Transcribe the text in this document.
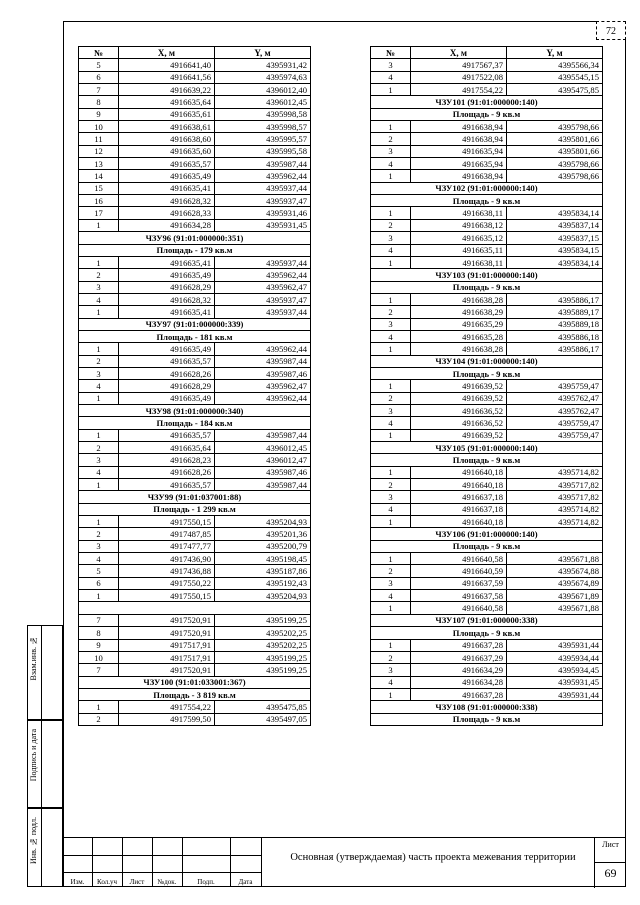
72
№	X, м	Y, м
5	4916641,40	4395931,42
6	4916641,56	4395974,63
7	4916639,22	4396012,40
8	4916635,64	4396012,45
9	4916635,61	4395998,58
10	4916638,61	4395998,57
11	4916638,60	4395995,57
12	4916635,60	4395995,58
13	4916635,57	4395987,44
14	4916635,49	4395962,44
15	4916635,41	4395937,44
16	4916628,32	4395937,47
17	4916628,33	4395931,46
1	4916634,28	4395931,45
ЧЗУ96 (91:01:000000:351)		
Площадь - 179 кв.м		
1	4916635,41	4395937,44
2	4916635,49	4395962,44
3	4916628,29	4395962,47
4	4916628,32	4395937,47
1	4916635,41	4395937,44
ЧЗУ97 (91:01:000000:339)		
Площадь - 181 кв.м		
1	4916635,49	4395962,44
2	4916635,57	4395987,44
3	4916628,26	4395987,46
4	4916628,29	4395962,47
1	4916635,49	4395962,44
ЧЗУ98 (91:01:000000:340)		
Площадь - 184 кв.м		
1	4916635,57	4395987,44
2	4916635,64	4396012,45
3	4916628,23	4396012,47
4	4916628,26	4395987,46
1	4916635,57	4395987,44
ЧЗУ99 (91:01:037001:88)		
Площадь - 1 299 кв.м		
1	4917550,15	4395204,93
2	4917487,85	4395201,36
3	4917477,77	4395200,79
4	4917436,90	4395198,45
5	4917436,88	4395187,86
6	4917550,22	4395192,43
1	4917550,15	4395204,93

7	4917520,91	4395199,25
8	4917520,91	4395202,25
9	4917517,91	4395202,25
10	4917517,91	4395199,25
7	4917520,91	4395199,25
ЧЗУ100 (91:01:033001:367)		
Площадь - 3 819 кв.м		
1	4917554,22	4395475,85
2	4917599,50	4395497,05
№	X, м	Y, м
3	4917567,37	4395566,34
4	4917522,08	4395545,15
1	4917554,22	4395475,85
ЧЗУ101 (91:01:000000:140)		
Площадь - 9 кв.м		
1	4916638,94	4395798,66
2	4916638,94	4395801,66
3	4916635,94	4395801,66
4	4916635,94	4395798,66
1	4916638,94	4395798,66
ЧЗУ102 (91:01:000000:140)		
Площадь - 9 кв.м		
1	4916638,11	4395834,14
2	4916638,12	4395837,14
3	4916635,12	4395837,15
4	4916635,11	4395834,15
1	4916638,11	4395834,14
ЧЗУ103 (91:01:000000:140)		
Площадь - 9 кв.м		
1	4916638,28	4395886,17
2	4916638,29	4395889,17
3	4916635,29	4395889,18
4	4916635,28	4395886,18
1	4916638,28	4395886,17
ЧЗУ104 (91:01:000000:140)		
Площадь - 9 кв.м		
1	4916639,52	4395759,47
2	4916639,52	4395762,47
3	4916636,52	4395762,47
4	4916636,52	4395759,47
1	4916639,52	4395759,47
ЧЗУ105 (91:01:000000:140)		
Площадь - 9 кв.м		
1	4916640,18	4395714,82
2	4916640,18	4395717,82
3	4916637,18	4395717,82
4	4916637,18	4395714,82
1	4916640,18	4395714,82
ЧЗУ106 (91:01:000000:140)		
Площадь - 9 кв.м		
1	4916640,58	4395671,88
2	4916640,59	4395674,88
3	4916637,59	4395674,89
4	4916637,58	4395671,89
1	4916640,58	4395671,88
ЧЗУ107 (91:01:000000:338)		
Площадь - 9 кв.м		
1	4916637,28	4395931,44
2	4916637,29	4395934,44
3	4916634,29	4395934,45
4	4916634,28	4395931,45
1	4916637,28	4395931,44
ЧЗУ108 (91:01:000000:338)		
Площадь - 9 кв.м		
Взам.инв. №
Подпись и дата
Инв. № подл.
Изм.	Кол.уч	Лист	№док.	Подп.	Дата
Основная (утверждаемая) часть проекта межевания территории
Лист
69
